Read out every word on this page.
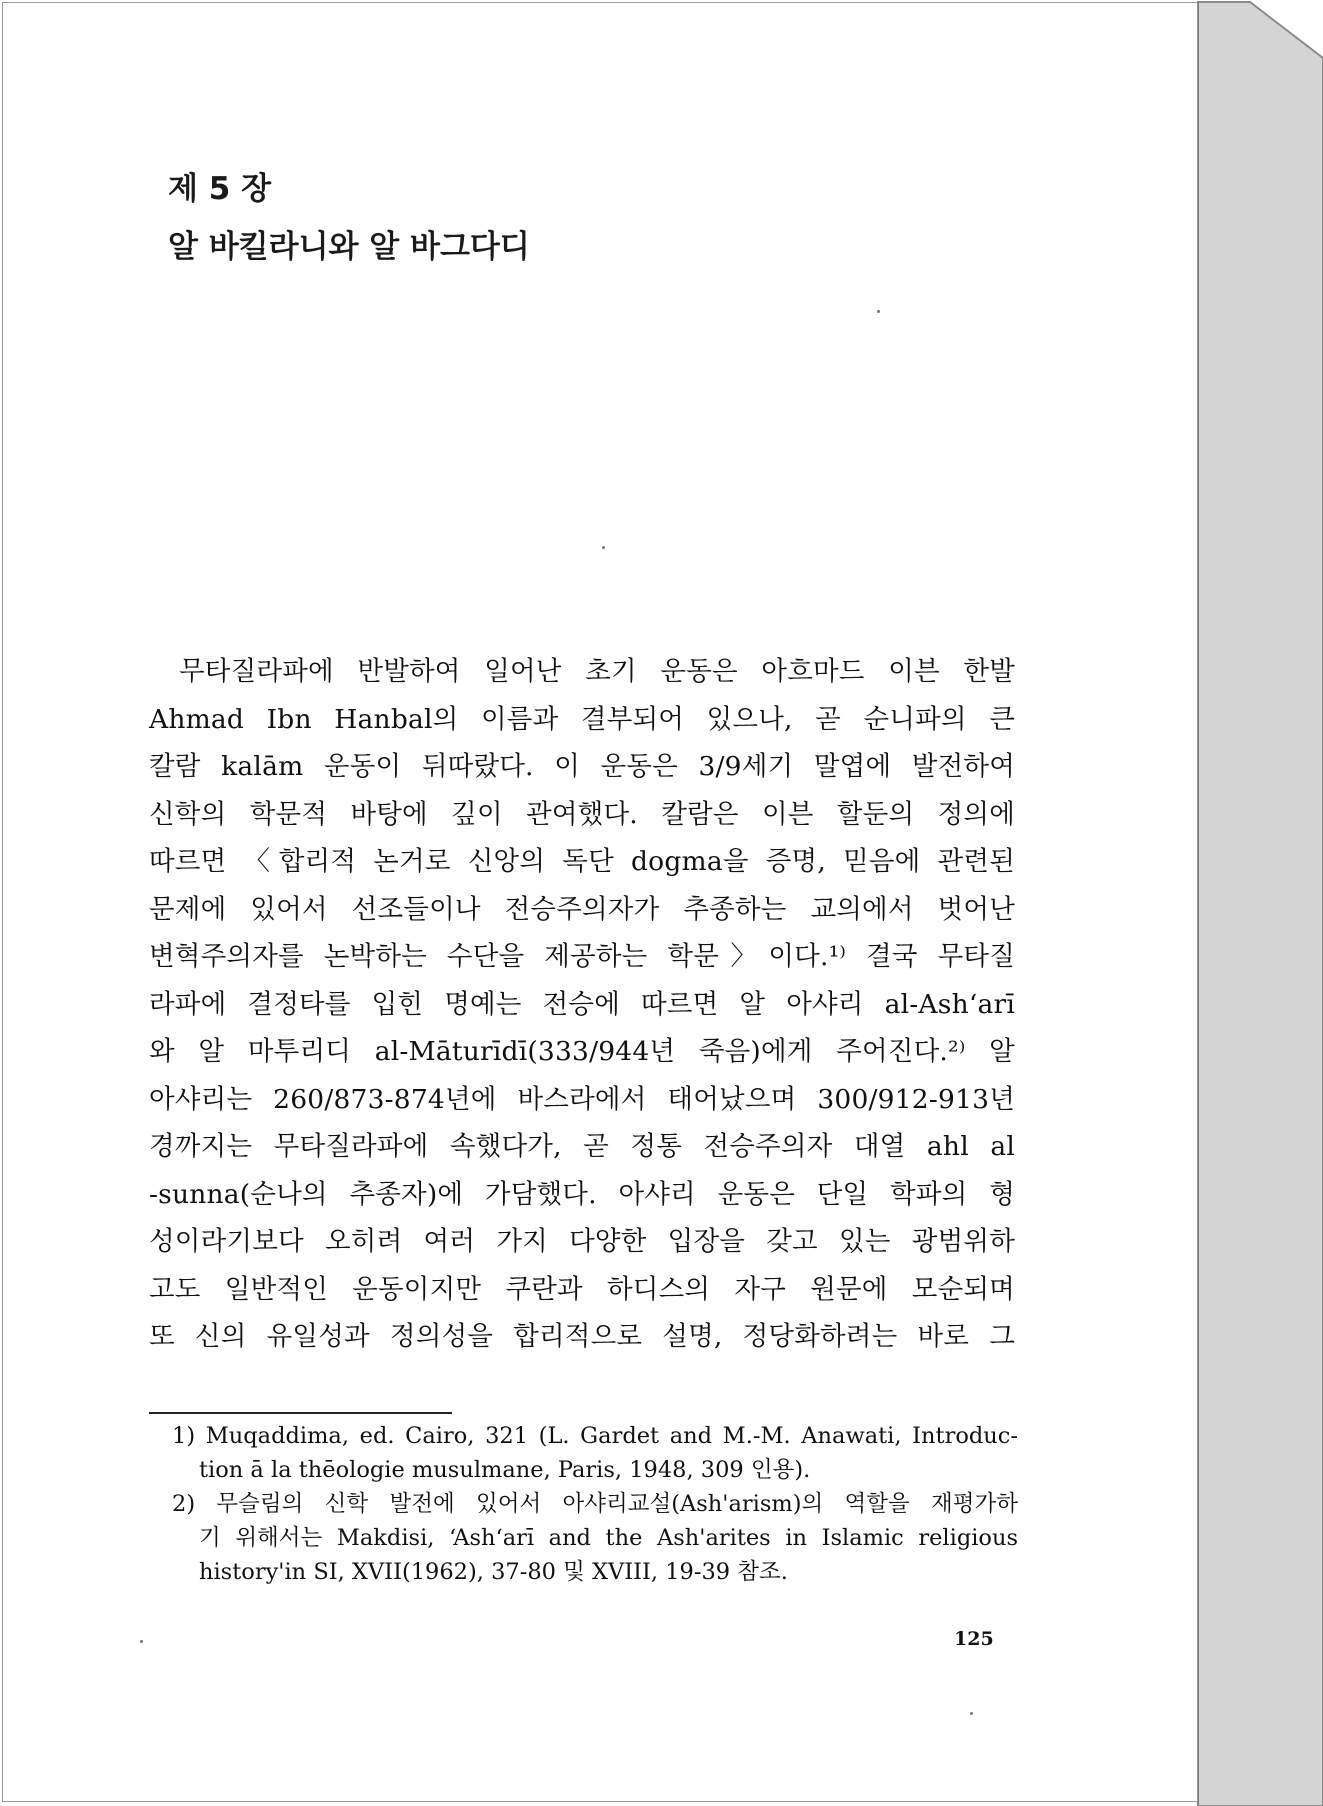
제 5 장
알 바킬라니와 알 바그다디
무타질라파에 반발하여 일어난 초기 운동은 아흐마드 이븐 한발
Ahmad Ibn Hanbal의 이름과 결부되어 있으나, 곧 순니파의 큰
칼람 kalām 운동이 뒤따랐다. 이 운동은 3/9세기 말엽에 발전하여
신학의 학문적 바탕에 깊이 관여했다. 칼람은 이븐 할둔의 정의에
따르면 〈합리적 논거로 신앙의 독단 dogma을 증명, 믿음에 관련된
문제에 있어서 선조들이나 전승주의자가 추종하는 교의에서 벗어난
변혁주의자를 논박하는 수단을 제공하는 학문〉이다.¹⁾ 결국 무타질
라파에 결정타를 입힌 명예는 전승에 따르면 알 아샤리 al-Ash‘arī
와 알 마투리디 al-Māturīdī(333/944년 죽음)에게 주어진다.²⁾ 알
아샤리는 260/873-874년에 바스라에서 태어났으며 300/912-913년
경까지는 무타질라파에 속했다가, 곧 정통 전승주의자 대열 ahl al
-sunna(순나의 추종자)에 가담했다. 아샤리 운동은 단일 학파의 형
성이라기보다 오히려 여러 가지 다양한 입장을 갖고 있는 광범위하
고도 일반적인 운동이지만 쿠란과 하디스의 자구 원문에 모순되며
또 신의 유일성과 정의성을 합리적으로 설명, 정당화하려는 바로 그
1) Muqaddima, ed. Cairo, 321 (L. Gardet and M.-M. Anawati, Introduc-
tion ā la thēologie musulmane, Paris, 1948, 309 인용).
2) 무슬림의 신학 발전에 있어서 아샤리교설(Ash'arism)의 역할을 재평가하
기 위해서는 Makdisi, ‘Ash‘arī and the Ash'arites in Islamic religious
history'in SI, XVII(1962), 37-80 및 XVIII, 19-39 참조.
125
